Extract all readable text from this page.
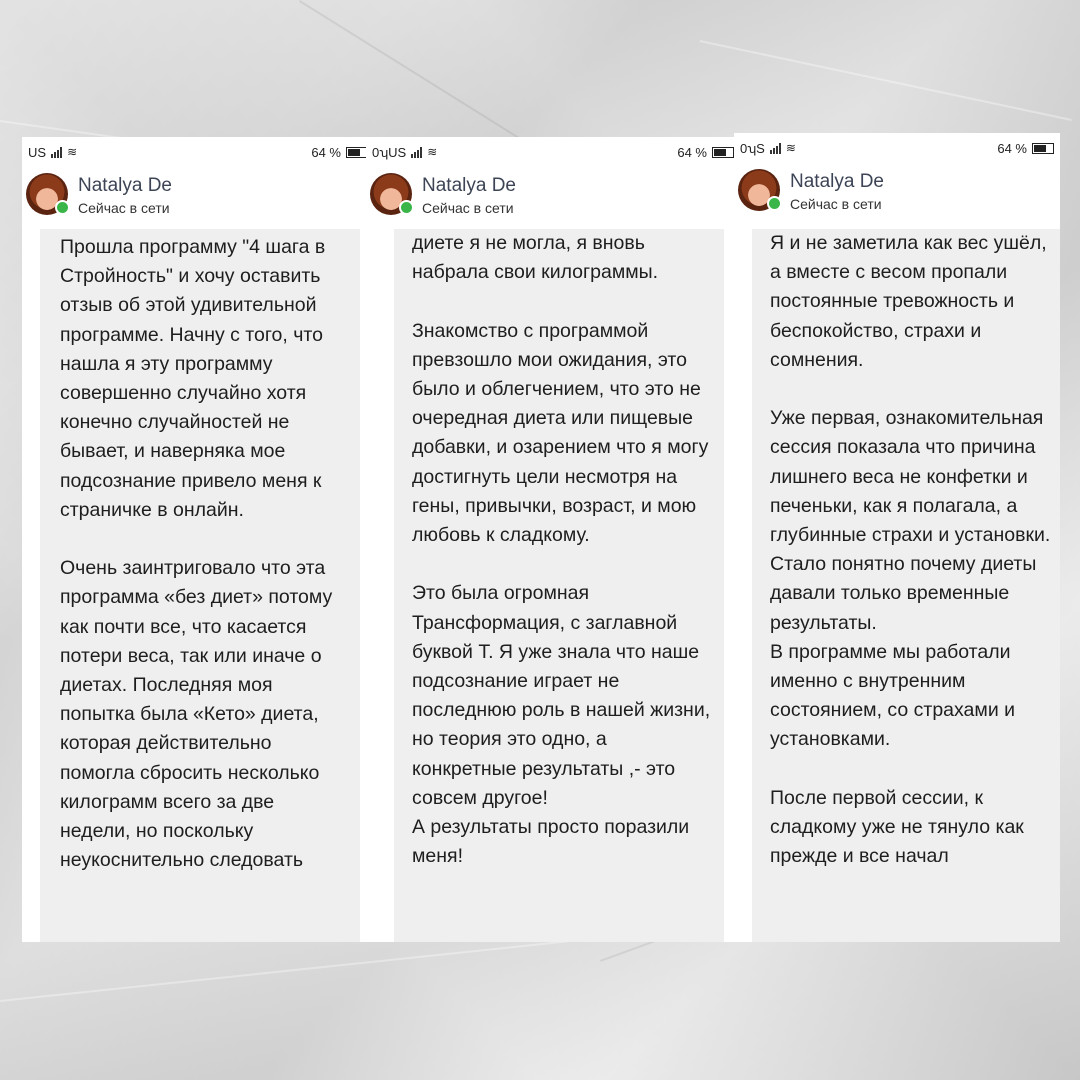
US ≋	64 %
Natalya De
Сейчас в сети

Прошла программу "4 шага в Стройность" и хочу оставить отзыв об этой удивительной программе. Начну с того, что нашла я эту программу совершенно случайно хотя конечно случайностей не бывает, и наверняка мое подсознание привело меня к страничке в онлайн.

Очень заинтриговало что эта программа «без диет» потому как почти все, что касается потери веса, так или иначе о диетах. Последняя моя попытка была «Кето» диета, которая действительно помогла сбросить несколько килограмм всего за две недели, но поскольку неукоснительно следовать

0ʮUS ≋	64 %
Natalya De
Сейчас в сети

диете я не могла, я вновь набрала свои килограммы.

Знакомство с программой превзошло мои ожидания, это было и облегчением, что это не очередная диета или пищевые добавки, и озарением что я могу достигнуть цели несмотря на гены, привычки, возраст, и мою любовь к сладкому.

Это была огромная Трансформация, с заглавной буквой Т. Я уже знала что наше подсознание играет не последнюю роль в нашей жизни, но теория это одно, а конкретные результаты ,- это совсем другое!

А результаты просто поразили меня!

0ʮS ≋	64 %
Natalya De
Сейчас в сети

Я и не заметила как вес ушёл, а вместе с весом пропали постоянные тревожность и беспокойство, страхи и сомнения.

Уже первая, ознакомительная сессия показала что причина лишнего веса не конфетки и печеньки, как я полагала, а глубинные страхи и установки. Стало понятно почему диеты давали только временные результаты.

В программе мы работали именно с внутренним состоянием, со страхами и установками.

После первой сессии, к сладкому уже не тянуло как прежде и все начал
